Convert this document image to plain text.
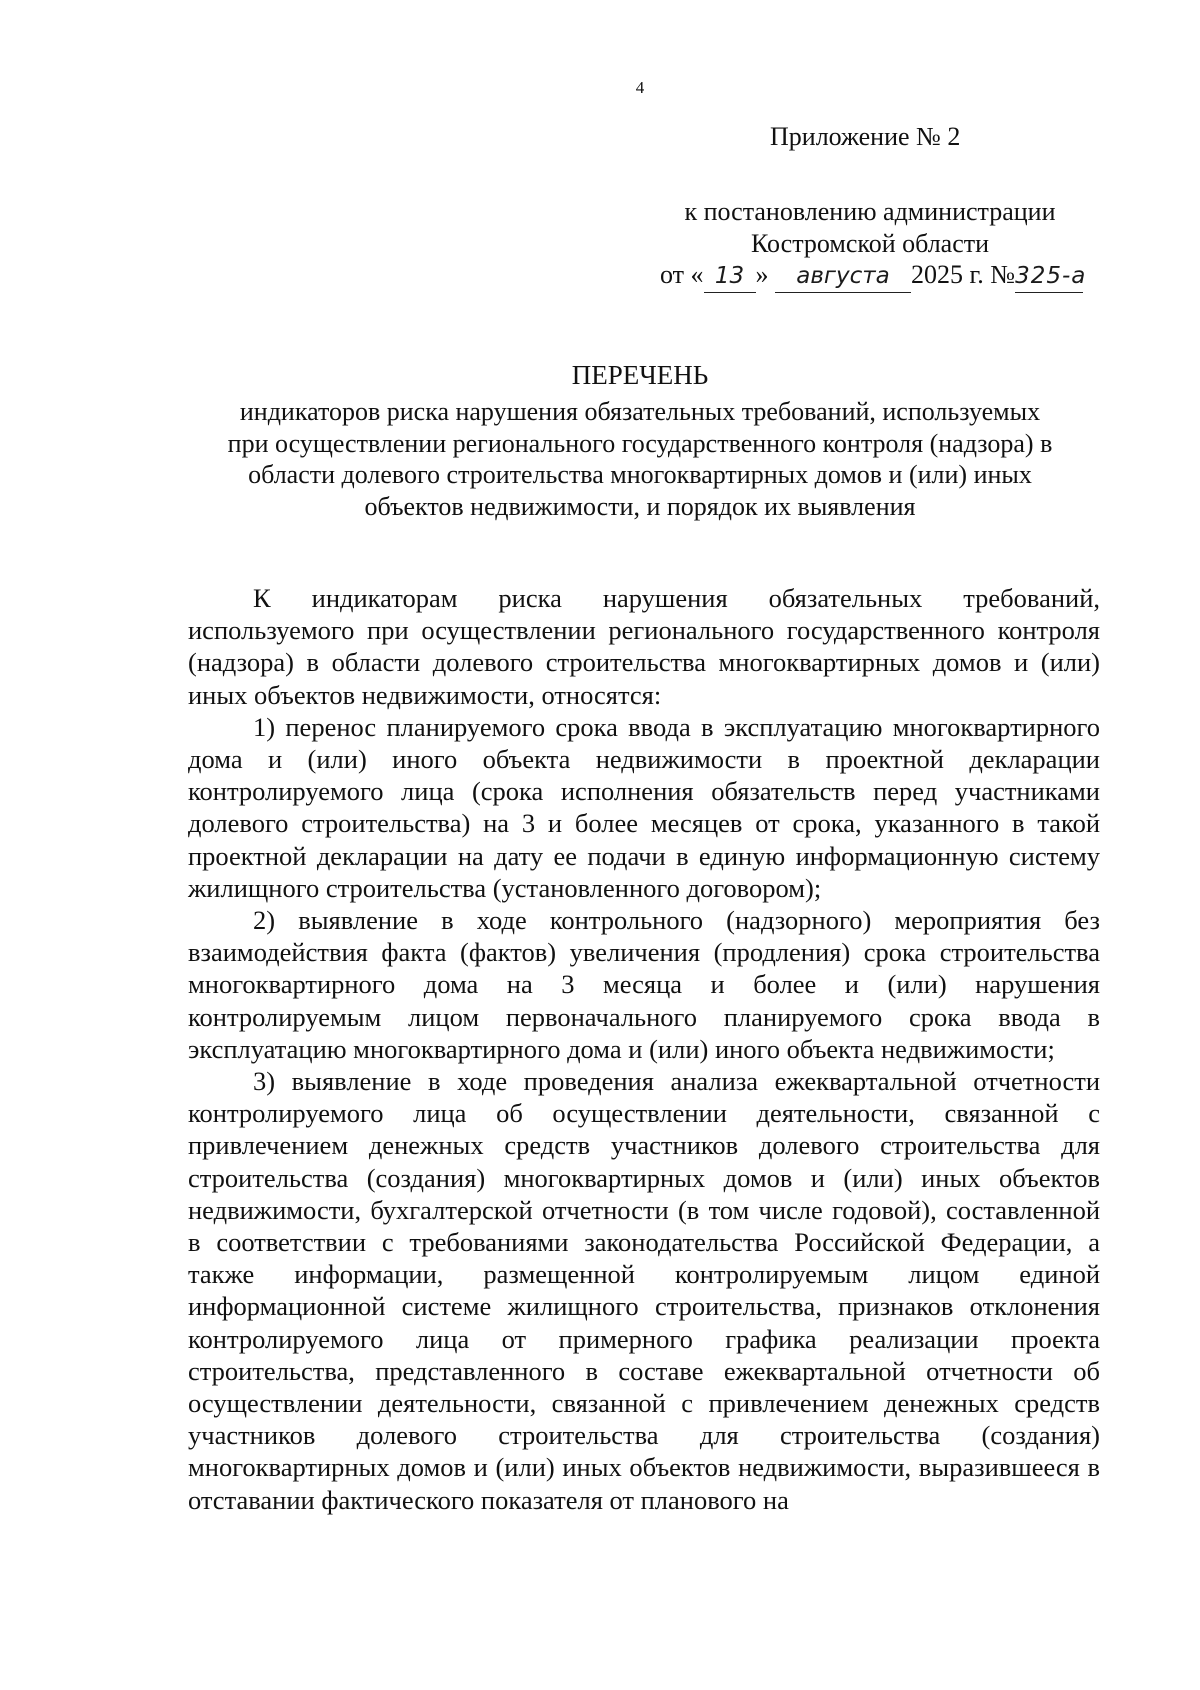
4
Приложение № 2
к постановлению администрации
Костромской области
от « 13 » августа 2025 г. №325-а
ПЕРЕЧЕНЬ
индикаторов риска нарушения обязательных требований, используемых при осуществлении регионального государственного контроля (надзора) в области долевого строительства многоквартирных домов и (или) иных объектов недвижимости, и порядок их выявления

К индикаторам риска нарушения обязательных требований, используемого при осуществлении регионального государственного контроля (надзора) в области долевого строительства многоквартирных домов и (или) иных объектов недвижимости, относятся:

1) перенос планируемого срока ввода в эксплуатацию многоквартирного дома и (или) иного объекта недвижимости в проектной декларации контролируемого лица (срока исполнения обязательств перед участниками долевого строительства) на 3 и более месяцев от срока, указанного в такой проектной декларации на дату ее подачи в единую информационную систему жилищного строительства (установленного договором);

2) выявление в ходе контрольного (надзорного) мероприятия без взаимодействия факта (фактов) увеличения (продления) срока строительства многоквартирного дома на 3 месяца и более и (или) нарушения контролируемым лицом первоначального планируемого срока ввода в эксплуатацию многоквартирного дома и (или) иного объекта недвижимости;

3) выявление в ходе проведения анализа ежеквартальной отчетности контролируемого лица об осуществлении деятельности, связанной с привлечением денежных средств участников долевого строительства для строительства (создания) многоквартирных домов и (или) иных объектов недвижимости, бухгалтерской отчетности (в том числе годовой), составленной в соответствии с требованиями законодательства Российской Федерации, а также информации, размещенной контролируемым лицом единой информационной системе жилищного строительства, признаков отклонения контролируемого лица от примерного графика реализации проекта строительства, представленного в составе ежеквартальной отчетности об осуществлении деятельности, связанной с привлечением денежных средств участников долевого строительства для строительства (создания) многоквартирных домов и (или) иных объектов недвижимости, выразившееся в отставании фактического показателя от планового на
